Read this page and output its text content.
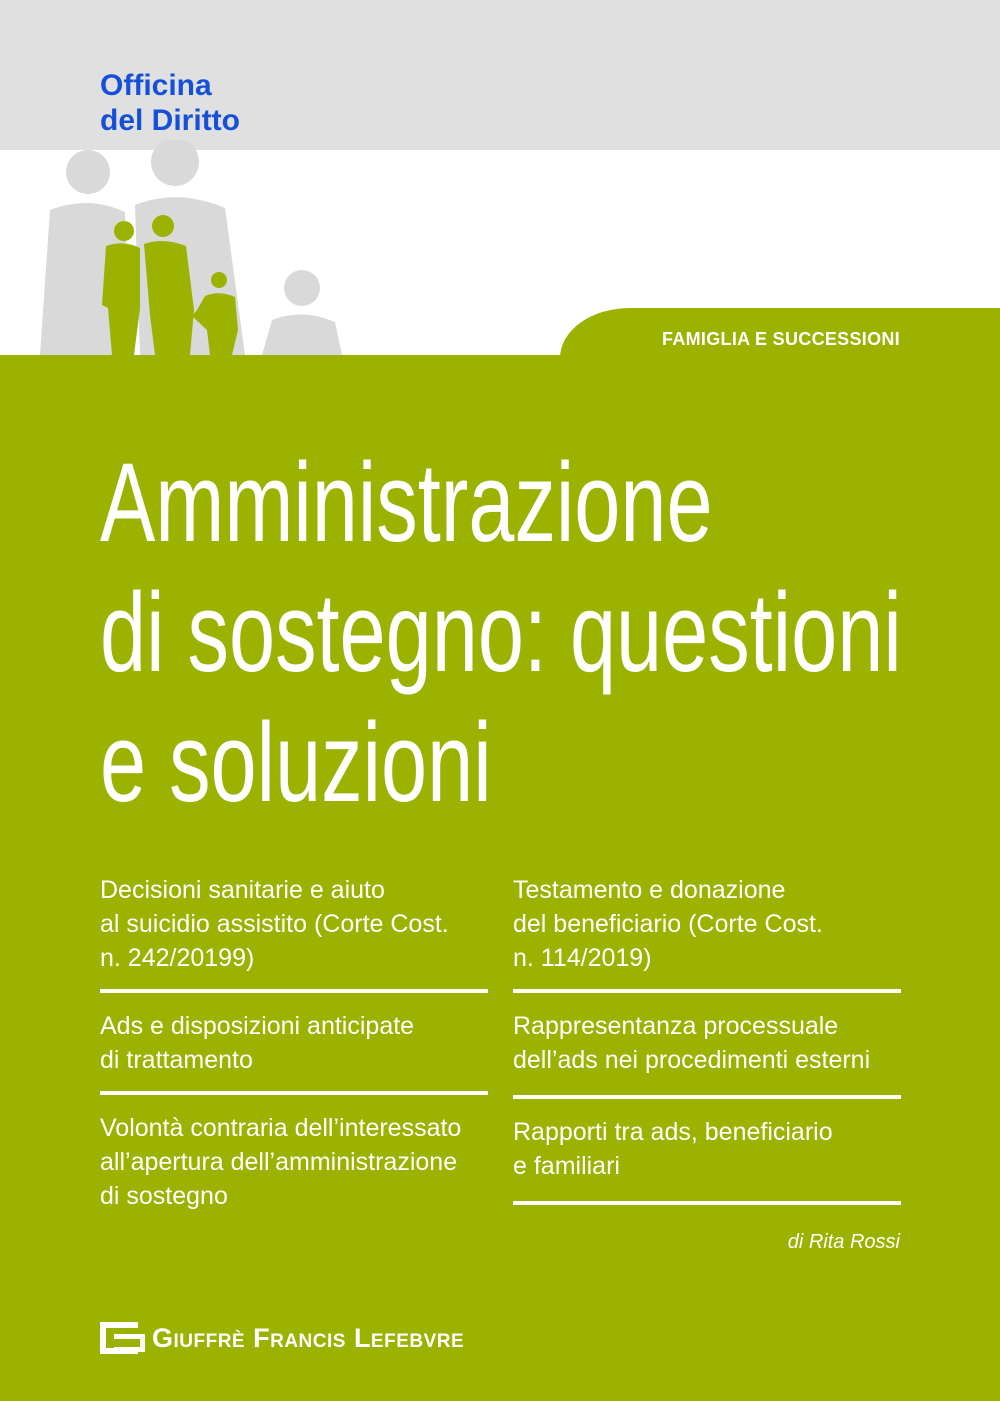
Officina
del Diritto
FAMIGLIA E SUCCESSIONI
Amministrazione
di sostegno: questioni
e soluzioni
Decisioni sanitarie e aiuto
al suicidio assistito (Corte Cost.
n. 242/20199)
Ads e disposizioni anticipate
di trattamento
Volontà contraria dell’interessato
all’apertura dell’amministrazione
di sostegno
Testamento e donazione
del beneficiario (Corte Cost.
n. 114/2019)
Rappresentanza processuale
dell’ads nei procedimenti esterni
Rapporti tra ads, beneficiario
e familiari
di Rita Rossi
Giuffrè Francis Lefebvre
